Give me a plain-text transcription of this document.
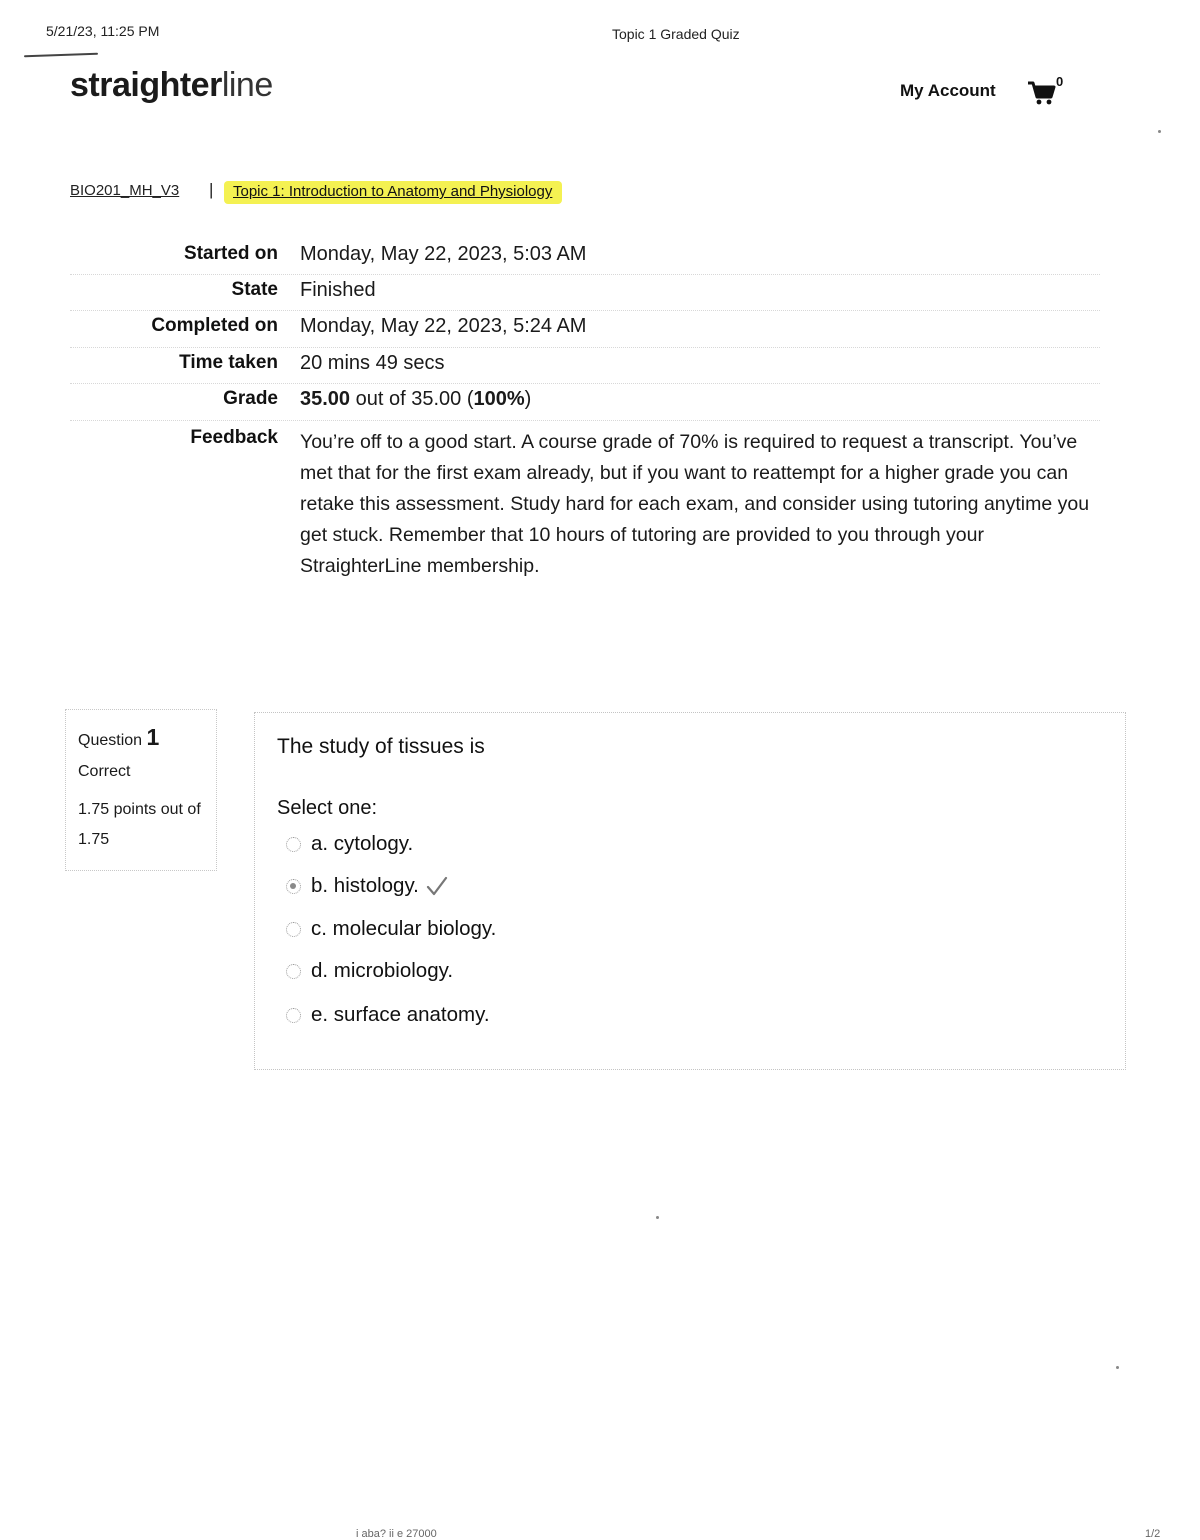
5/21/23, 11:25 PM	Topic 1 Graded Quiz
straighterline	My Account	0
BIO201_MH_V3 |	Topic 1: Introduction to Anatomy and Physiology
Started on Monday, May 22, 2023, 5:03 AM
State Finished
Completed on Monday, May 22, 2023, 5:24 AM
Time taken 20 mins 49 secs
Grade 35.00 out of 35.00 (100%)
Feedback You’re off to a good start. A course grade of 70% is required to request a transcript. You’ve met that for the first exam already, but if you want to reattempt for a higher grade you can retake this assessment. Study hard for each exam, and consider using tutoring anytime you get stuck. Remember that 10 hours of tutoring are provided to you through your StraighterLine membership.
Question 1
Correct
1.75 points out of 1.75
The study of tissues is
Select one:
a. cytology.
b. histology.
c. molecular biology.
d. microbiology.
e. surface anatomy.
i aba? ii e 27000	1/2
